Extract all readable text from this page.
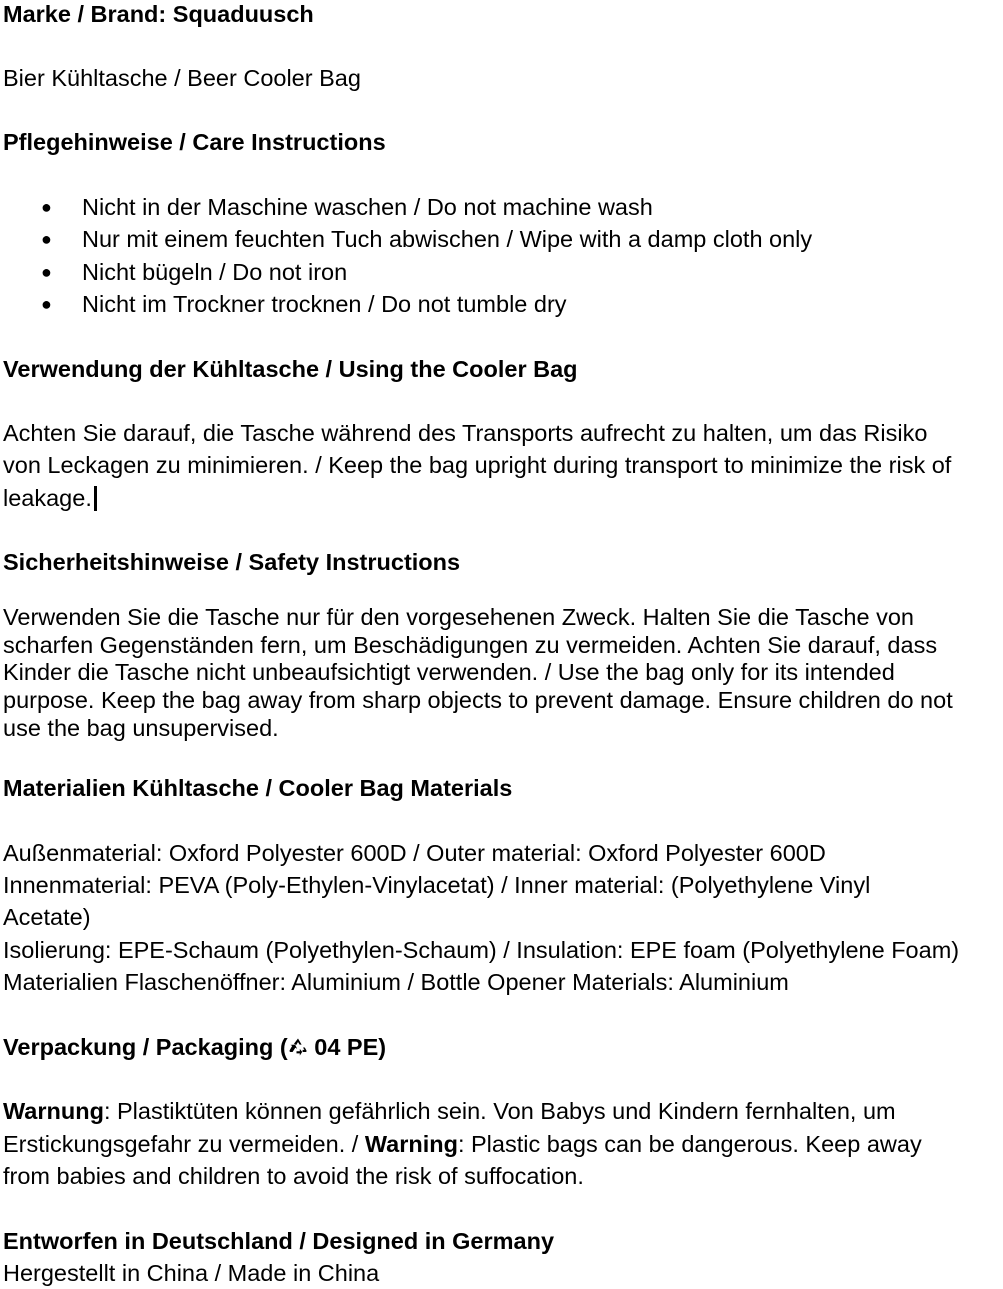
Marke / Brand: Squaduusch
Bier Kühltasche / Beer Cooler Bag
Pflegehinweise / Care Instructions
● Nicht in der Maschine waschen / Do not machine wash
● Nur mit einem feuchten Tuch abwischen / Wipe with a damp cloth only
● Nicht bügeln / Do not iron
● Nicht im Trockner trocknen / Do not tumble dry
Verwendung der Kühltasche / Using the Cooler Bag
Achten Sie darauf, die Tasche während des Transports aufrecht zu halten, um das Risiko
von Leckagen zu minimieren. / Keep the bag upright during transport to minimize the risk of
leakage.
Sicherheitshinweise / Safety Instructions
Verwenden Sie die Tasche nur für den vorgesehenen Zweck. Halten Sie die Tasche von
scharfen Gegenständen fern, um Beschädigungen zu vermeiden. Achten Sie darauf, dass
Kinder die Tasche nicht unbeaufsichtigt verwenden. / Use the bag only for its intended
purpose. Keep the bag away from sharp objects to prevent damage. Ensure children do not
use the bag unsupervised.
Materialien Kühltasche / Cooler Bag Materials
Außenmaterial: Oxford Polyester 600D / Outer material: Oxford Polyester 600D
Innenmaterial: PEVA (Poly-Ethylen-Vinylacetat) / Inner material: (Polyethylene Vinyl
Acetate)
Isolierung: EPE-Schaum (Polyethylen-Schaum) / Insulation: EPE foam (Polyethylene Foam)
Materialien Flaschenöffner: Aluminium / Bottle Opener Materials: Aluminium
Verpackung / Packaging ( 04 PE)
Warnung: Plastiktüten können gefährlich sein. Von Babys und Kindern fernhalten, um
Erstickungsgefahr zu vermeiden. / Warning: Plastic bags can be dangerous. Keep away
from babies and children to avoid the risk of suffocation.
Entworfen in Deutschland / Designed in Germany
Hergestellt in China / Made in China
